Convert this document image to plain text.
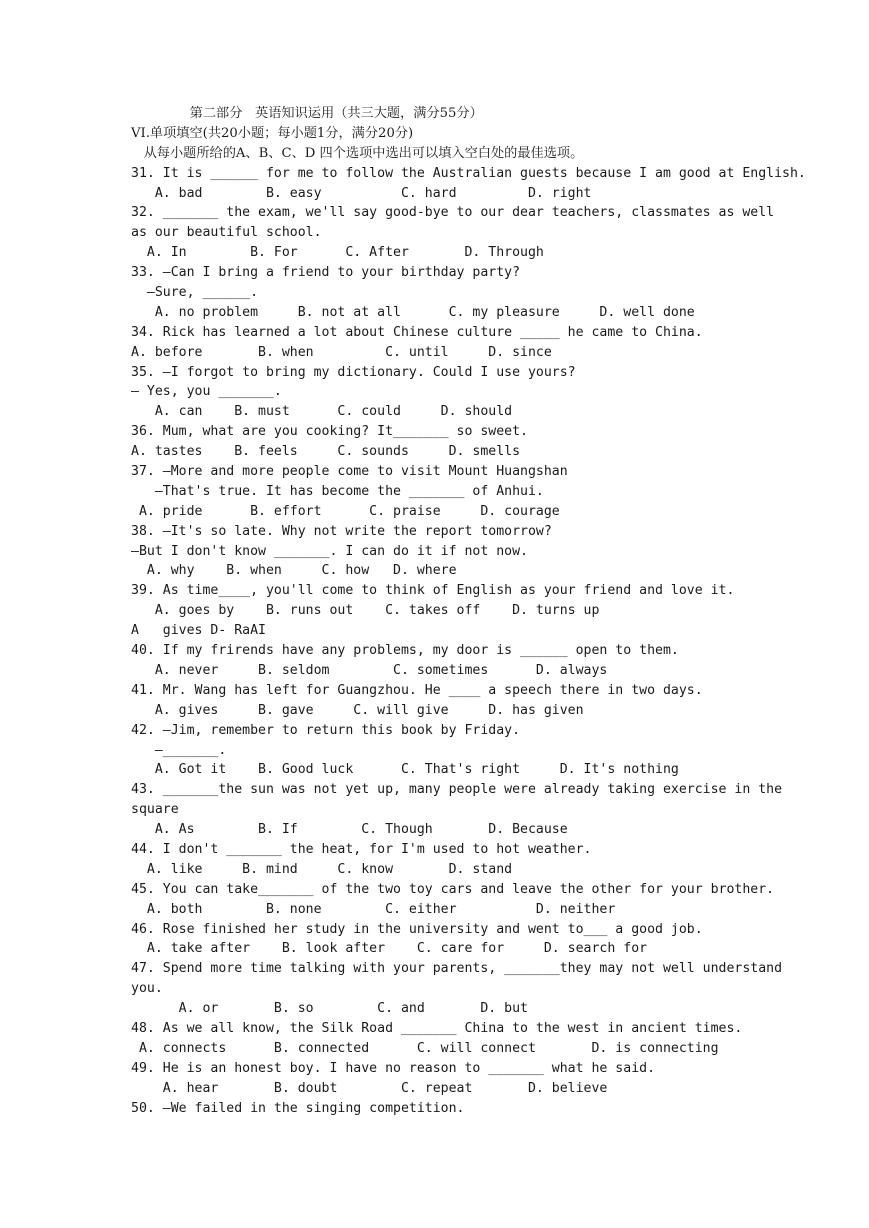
第二部分   英语知识运用（共三大题，满分55分）
VI.单项填空(共20小题；每小题1分，满分20分)
从每小题所给的A、B、C、D 四个选项中选出可以填入空白处的最佳选项。
31. It is ______ for me to follow the Australian guests because I am good at English.
A. bad        B. easy          C. hard         D. right
32. _______ the exam, we'll say good-bye to our dear teachers, classmates as well
as our beautiful school.
A. In        B. For      C. After       D. Through
33. —Can I bring a friend to your birthday party?
—Sure, ______.
A. no problem     B. not at all      C. my pleasure     D. well done
34. Rick has learned a lot about Chinese culture _____ he came to China.
A. before       B. when         C. until     D. since
35. —I forgot to bring my dictionary. Could I use yours?
— Yes, you _______.
A. can    B. must      C. could     D. should
36. Mum, what are you cooking? It_______ so sweet.
A. tastes    B. feels     C. sounds     D. smells
37. —More and more people come to visit Mount Huangshan
—That's true. It has become the _______ of Anhui.
A. pride      B. effort      C. praise     D. courage
38. —It's so late. Why not write the report tomorrow?
—But I don't know _______. I can do it if not now.
A. why    B. when     C. how   D. where
39. As time____, you'll come to think of English as your friend and love it.
A. goes by    B. runs out    C. takes off    D. turns up
A   gives D- RaAI
40. If my frirends have any problems, my door is ______ open to them.
A. never     B. seldom        C. sometimes      D. always
41. Mr. Wang has left for Guangzhou. He ____ a speech there in two days.
A. gives     B. gave     C. will give     D. has given
42. —Jim, remember to return this book by Friday.
—_______.
A. Got it    B. Good luck      C. That's right     D. It's nothing
43. _______the sun was not yet up, many people were already taking exercise in the
square
A. As        B. If        C. Though       D. Because
44. I don't _______ the heat, for I'm used to hot weather.
A. like     B. mind     C. know       D. stand
45. You can take_______ of the two toy cars and leave the other for your brother.
A. both        B. none        C. either          D. neither
46. Rose finished her study in the university and went to___ a good job.
A. take after    B. look after    C. care for     D. search for
47. Spend more time talking with your parents, _______they may not well understand
you.
A. or       B. so        C. and       D. but
48. As we all know, the Silk Road _______ China to the west in ancient times.
A. connects      B. connected      C. will connect       D. is connecting
49. He is an honest boy. I have no reason to _______ what he said.
A. hear       B. doubt        C. repeat       D. believe
50. —We failed in the singing competition.
